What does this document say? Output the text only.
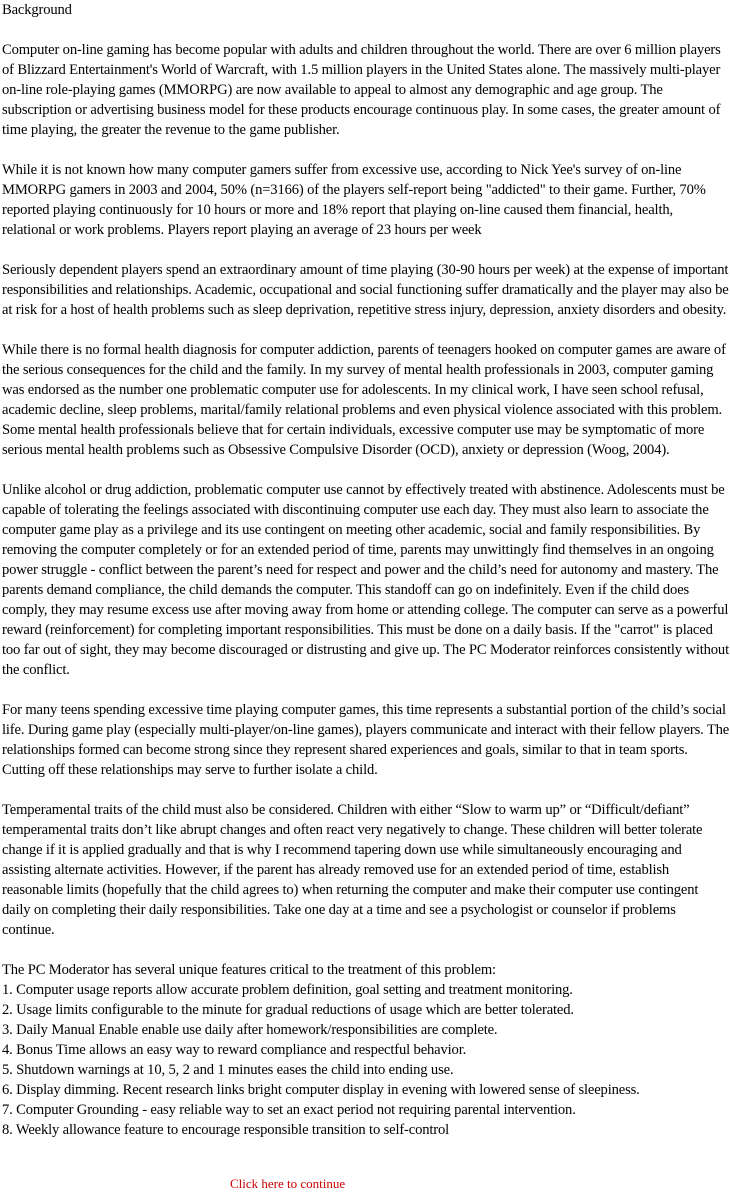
Background

Computer on-line gaming has become popular with adults and children throughout the world. There are over 6 million players of Blizzard Entertainment's World of Warcraft, with 1.5 million players in the United States alone. The massively multi-player on-line role-playing games (MMORPG) are now available to appeal to almost any demographic and age group. The subscription or advertising business model for these products encourage continuous play. In some cases, the greater amount of time playing, the greater the revenue to the game publisher.

While it is not known how many computer gamers suffer from excessive use, according to Nick Yee's survey of on-line MMORPG gamers in 2003 and 2004, 50% (n=3166) of the players self-report being "addicted" to their game. Further, 70% reported playing continuously for 10 hours or more and 18% report that playing on-line caused them financial, health, relational or work problems. Players report playing an average of 23 hours per week

Seriously dependent players spend an extraordinary amount of time playing (30-90 hours per week) at the expense of important responsibilities and relationships. Academic, occupational and social functioning suffer dramatically and the player may also be at risk for a host of health problems such as sleep deprivation, repetitive stress injury, depression, anxiety disorders and obesity.

While there is no formal health diagnosis for computer addiction, parents of teenagers hooked on computer games are aware of the serious consequences for the child and the family. In my survey of mental health professionals in 2003, computer gaming was endorsed as the number one problematic computer use for adolescents. In my clinical work, I have seen school refusal, academic decline, sleep problems, marital/family relational problems and even physical violence associated with this problem. Some mental health professionals believe that for certain individuals, excessive computer use may be symptomatic of more serious mental health problems such as Obsessive Compulsive Disorder (OCD), anxiety or depression (Woog, 2004).

Unlike alcohol or drug addiction, problematic computer use cannot by effectively treated with abstinence. Adolescents must be capable of tolerating the feelings associated with discontinuing computer use each day. They must also learn to associate the computer game play as a privilege and its use contingent on meeting other academic, social and family responsibilities. By removing the computer completely or for an extended period of time, parents may unwittingly find themselves in an ongoing power struggle - conflict between the parent’s need for respect and power and the child’s need for autonomy and mastery. The parents demand compliance, the child demands the computer. This standoff can go on indefinitely. Even if the child does comply, they may resume excess use after moving away from home or attending college. The computer can serve as a powerful reward (reinforcement) for completing important responsibilities. This must be done on a daily basis. If the "carrot" is placed too far out of sight, they may become discouraged or distrusting and give up. The PC Moderator reinforces consistently without the conflict.

For many teens spending excessive time playing computer games, this time represents a substantial portion of the child’s social life. During game play (especially multi-player/on-line games), players communicate and interact with their fellow players. The relationships formed can become strong since they represent shared experiences and goals, similar to that in team sports. Cutting off these relationships may serve to further isolate a child.

Temperamental traits of the child must also be considered. Children with either “Slow to warm up” or “Difficult/defiant” temperamental traits don’t like abrupt changes and often react very negatively to change. These children will better tolerate change if it is applied gradually and that is why I recommend tapering down use while simultaneously encouraging and assisting alternate activities. However, if the parent has already removed use for an extended period of time, establish reasonable limits (hopefully that the child agrees to) when returning the computer and make their computer use contingent daily on completing their daily responsibilities. Take one day at a time and see a psychologist or counselor if problems continue.

The PC Moderator has several unique features critical to the treatment of this problem:
1. Computer usage reports allow accurate problem definition, goal setting and treatment monitoring.
2. Usage limits configurable to the minute for gradual reductions of usage which are better tolerated.
3. Daily Manual Enable enable use daily after homework/responsibilities are complete.
4. Bonus Time allows an easy way to reward compliance and respectful behavior.
5. Shutdown warnings at 10, 5, 2 and 1 minutes eases the child into ending use.
6. Display dimming. Recent research links bright computer display in evening with lowered sense of sleepiness.
7. Computer Grounding - easy reliable way to set an exact period not requiring parental intervention.
8. Weekly allowance feature to encourage responsible transition to self-control
Click here to continue
